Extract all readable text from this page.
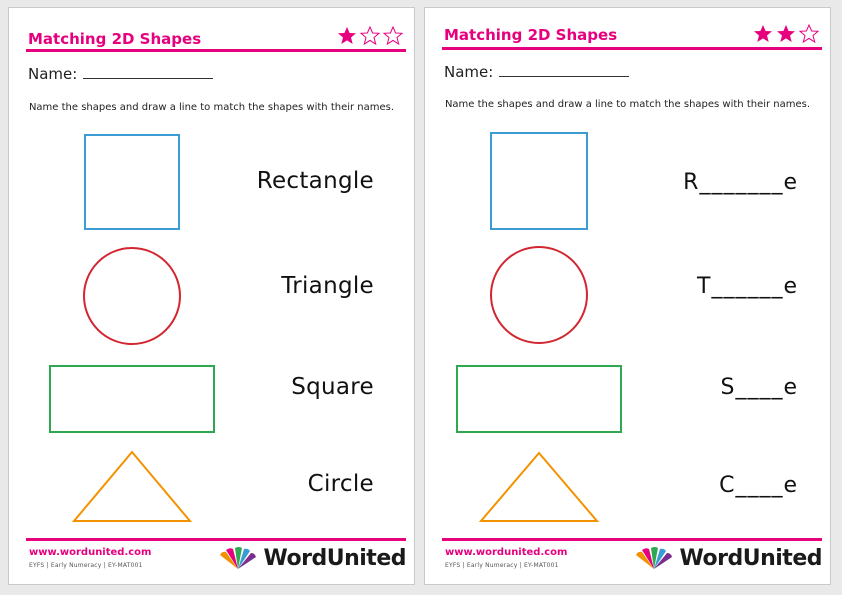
Matching 2D Shapes
Name:
Name the shapes and draw a line to match the shapes with their names.
Rectangle
Triangle
Square
Circle
www.wordunited.com
EYFS | Early Numeracy | EY-MAT001	WordUnited
Matching 2D Shapes
Name:
Name the shapes and draw a line to match the shapes with their names.
R_______e
T______e
S____e
C____e
www.wordunited.com
EYFS | Early Numeracy | EY-MAT001	WordUnited
